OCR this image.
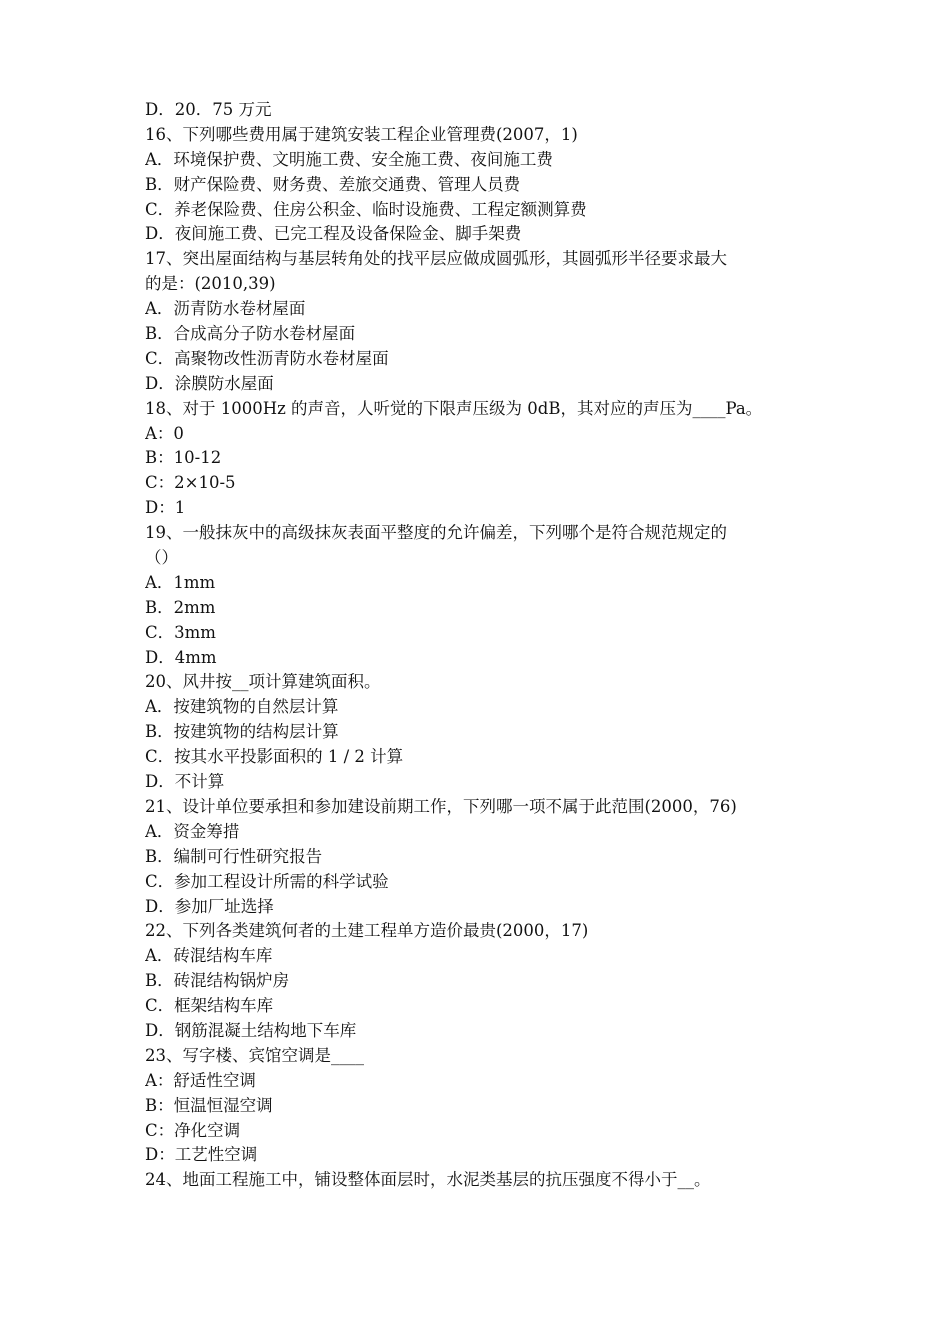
D．20．75 万元
16、下列哪些费用属于建筑安装工程企业管理费(2007，1)
A．环境保护费、文明施工费、安全施工费、夜间施工费
B．财产保险费、财务费、差旅交通费、管理人员费
C．养老保险费、住房公积金、临时设施费、工程定额测算费
D．夜间施工费、已完工程及设备保险金、脚手架费
17、突出屋面结构与基层转角处的找平层应做成圆弧形，其圆弧形半径要求最大
的是：(2010,39)
A．沥青防水卷材屋面
B．合成高分子防水卷材屋面
C．高聚物改性沥青防水卷材屋面
D．涂膜防水屋面
18、对于 1000Hz 的声音，人听觉的下限声压级为 0dB，其对应的声压为____Pa。
A：0
B：10-12
C：2×10-5
D：1
19、一般抹灰中的高级抹灰表面平整度的允许偏差，下列哪个是符合规范规定的
（）
A．1mm
B．2mm
C．3mm
D．4mm
20、风井按__项计算建筑面积。
A．按建筑物的自然层计算
B．按建筑物的结构层计算
C．按其水平投影面积的 1 / 2 计算
D．不计算
21、设计单位要承担和参加建设前期工作，下列哪一项不属于此范围(2000，76)
A．资金筹措
B．编制可行性研究报告
C．参加工程设计所需的科学试验
D．参加厂址选择
22、下列各类建筑何者的土建工程单方造价最贵(2000，17)
A．砖混结构车库
B．砖混结构锅炉房
C．框架结构车库
D．钢筋混凝土结构地下车库
23、写字楼、宾馆空调是____
A：舒适性空调
B：恒温恒湿空调
C：净化空调
D：工艺性空调
24、地面工程施工中，铺设整体面层时，水泥类基层的抗压强度不得小于__。
